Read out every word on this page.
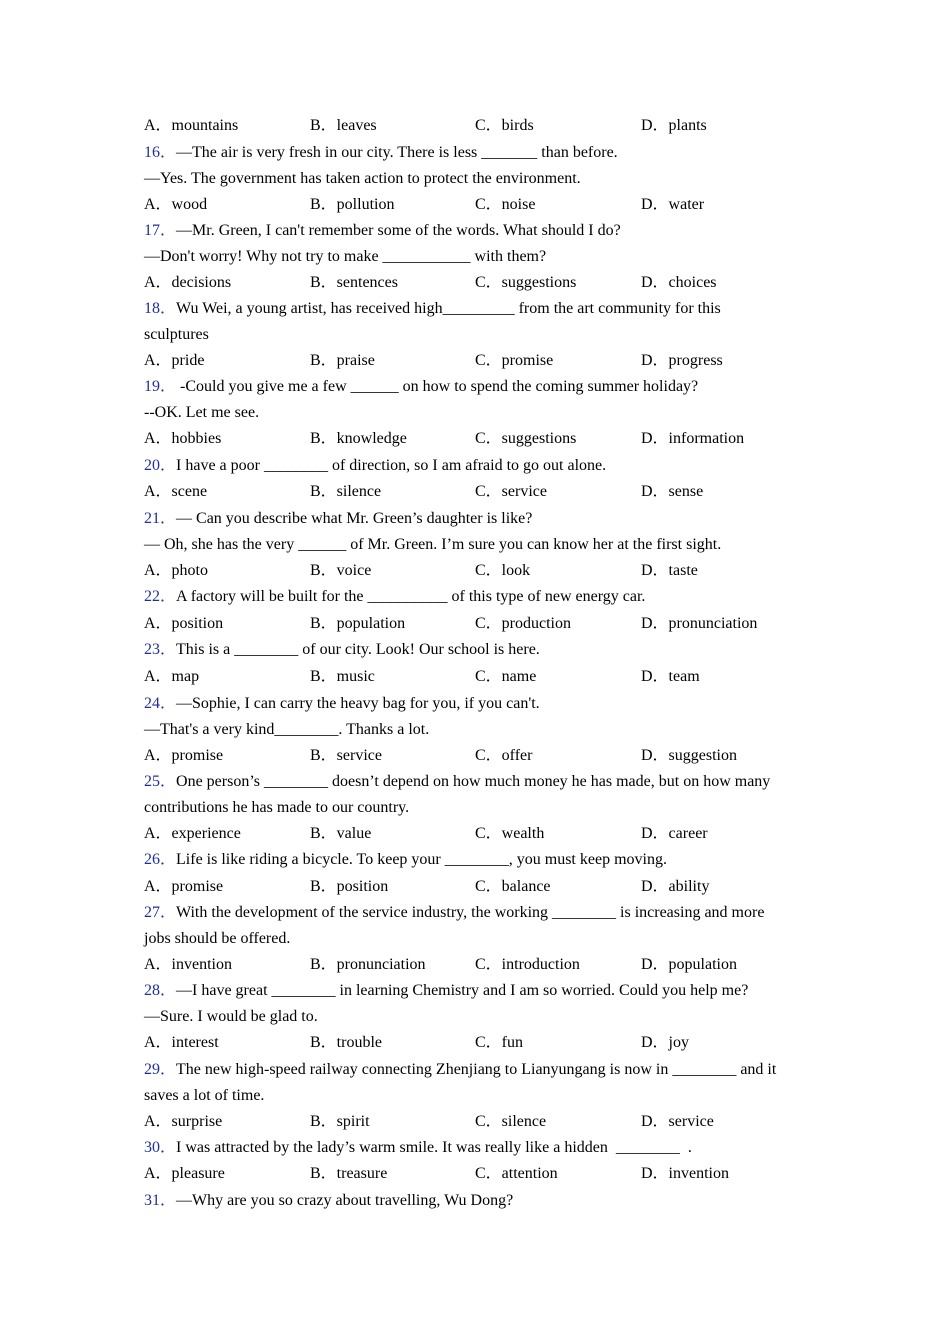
A．mountains	B．leaves	C．birds	D．plants
16．—The air is very fresh in our city. There is less _______ than before.
—Yes. The government has taken action to protect the environment.
A．wood	B．pollution	C．noise	D．water
17．—Mr. Green, I can't remember some of the words. What should I do?
—Don't worry! Why not try to make ___________ with them?
A．decisions	B．sentences	C．suggestions	D．choices
18．Wu Wei, a young artist, has received high_________ from the art community for this
sculptures
A．pride	B．praise	C．promise	D．progress
19． ‑Could you give me a few ______ on how to spend the coming summer holiday?
--OK. Let me see.
A．hobbies	B．knowledge	C．suggestions	D．information
20．I have a poor ________ of direction, so I am afraid to go out alone.
A．scene	B．silence	C．service	D．sense
21．— Can you describe what Mr. Green’s daughter is like?
— Oh, she has the very ______ of Mr. Green. I’m sure you can know her at the first sight.
A．photo	B．voice	C．look	D．taste
22．A factory will be built for the __________ of this type of new energy car.
A．position	B．population	C．production	D．pronunciation
23．This is a ________ of our city. Look! Our school is here.
A．map	B．music	C．name	D．team
24．—Sophie, I can carry the heavy bag for you, if you can't.
—That's a very kind________. Thanks a lot.
A．promise	B．service	C．offer	D．suggestion
25．One person’s ________ doesn’t depend on how much money he has made, but on how many
contributions he has made to our country.
A．experience	B．value	C．wealth	D．career
26．Life is like riding a bicycle. To keep your ________, you must keep moving.
A．promise	B．position	C．balance	D．ability
27．With the development of the service industry, the working ________ is increasing and more
jobs should be offered.
A．invention	B．pronunciation	C．introduction	D．population
28．—I have great ________ in learning Chemistry and I am so worried. Could you help me?
—Sure. I would be glad to.
A．interest	B．trouble	C．fun	D．joy
29．The new high-speed railway connecting Zhenjiang to Lianyungang is now in ________ and it
saves a lot of time.
A．surprise	B．spirit	C．silence	D．service
30．I was attracted by the lady’s warm smile. It was really like a hidden  ________  .
A．pleasure	B．treasure	C．attention	D．invention
31．—Why are you so crazy about travelling, Wu Dong?
